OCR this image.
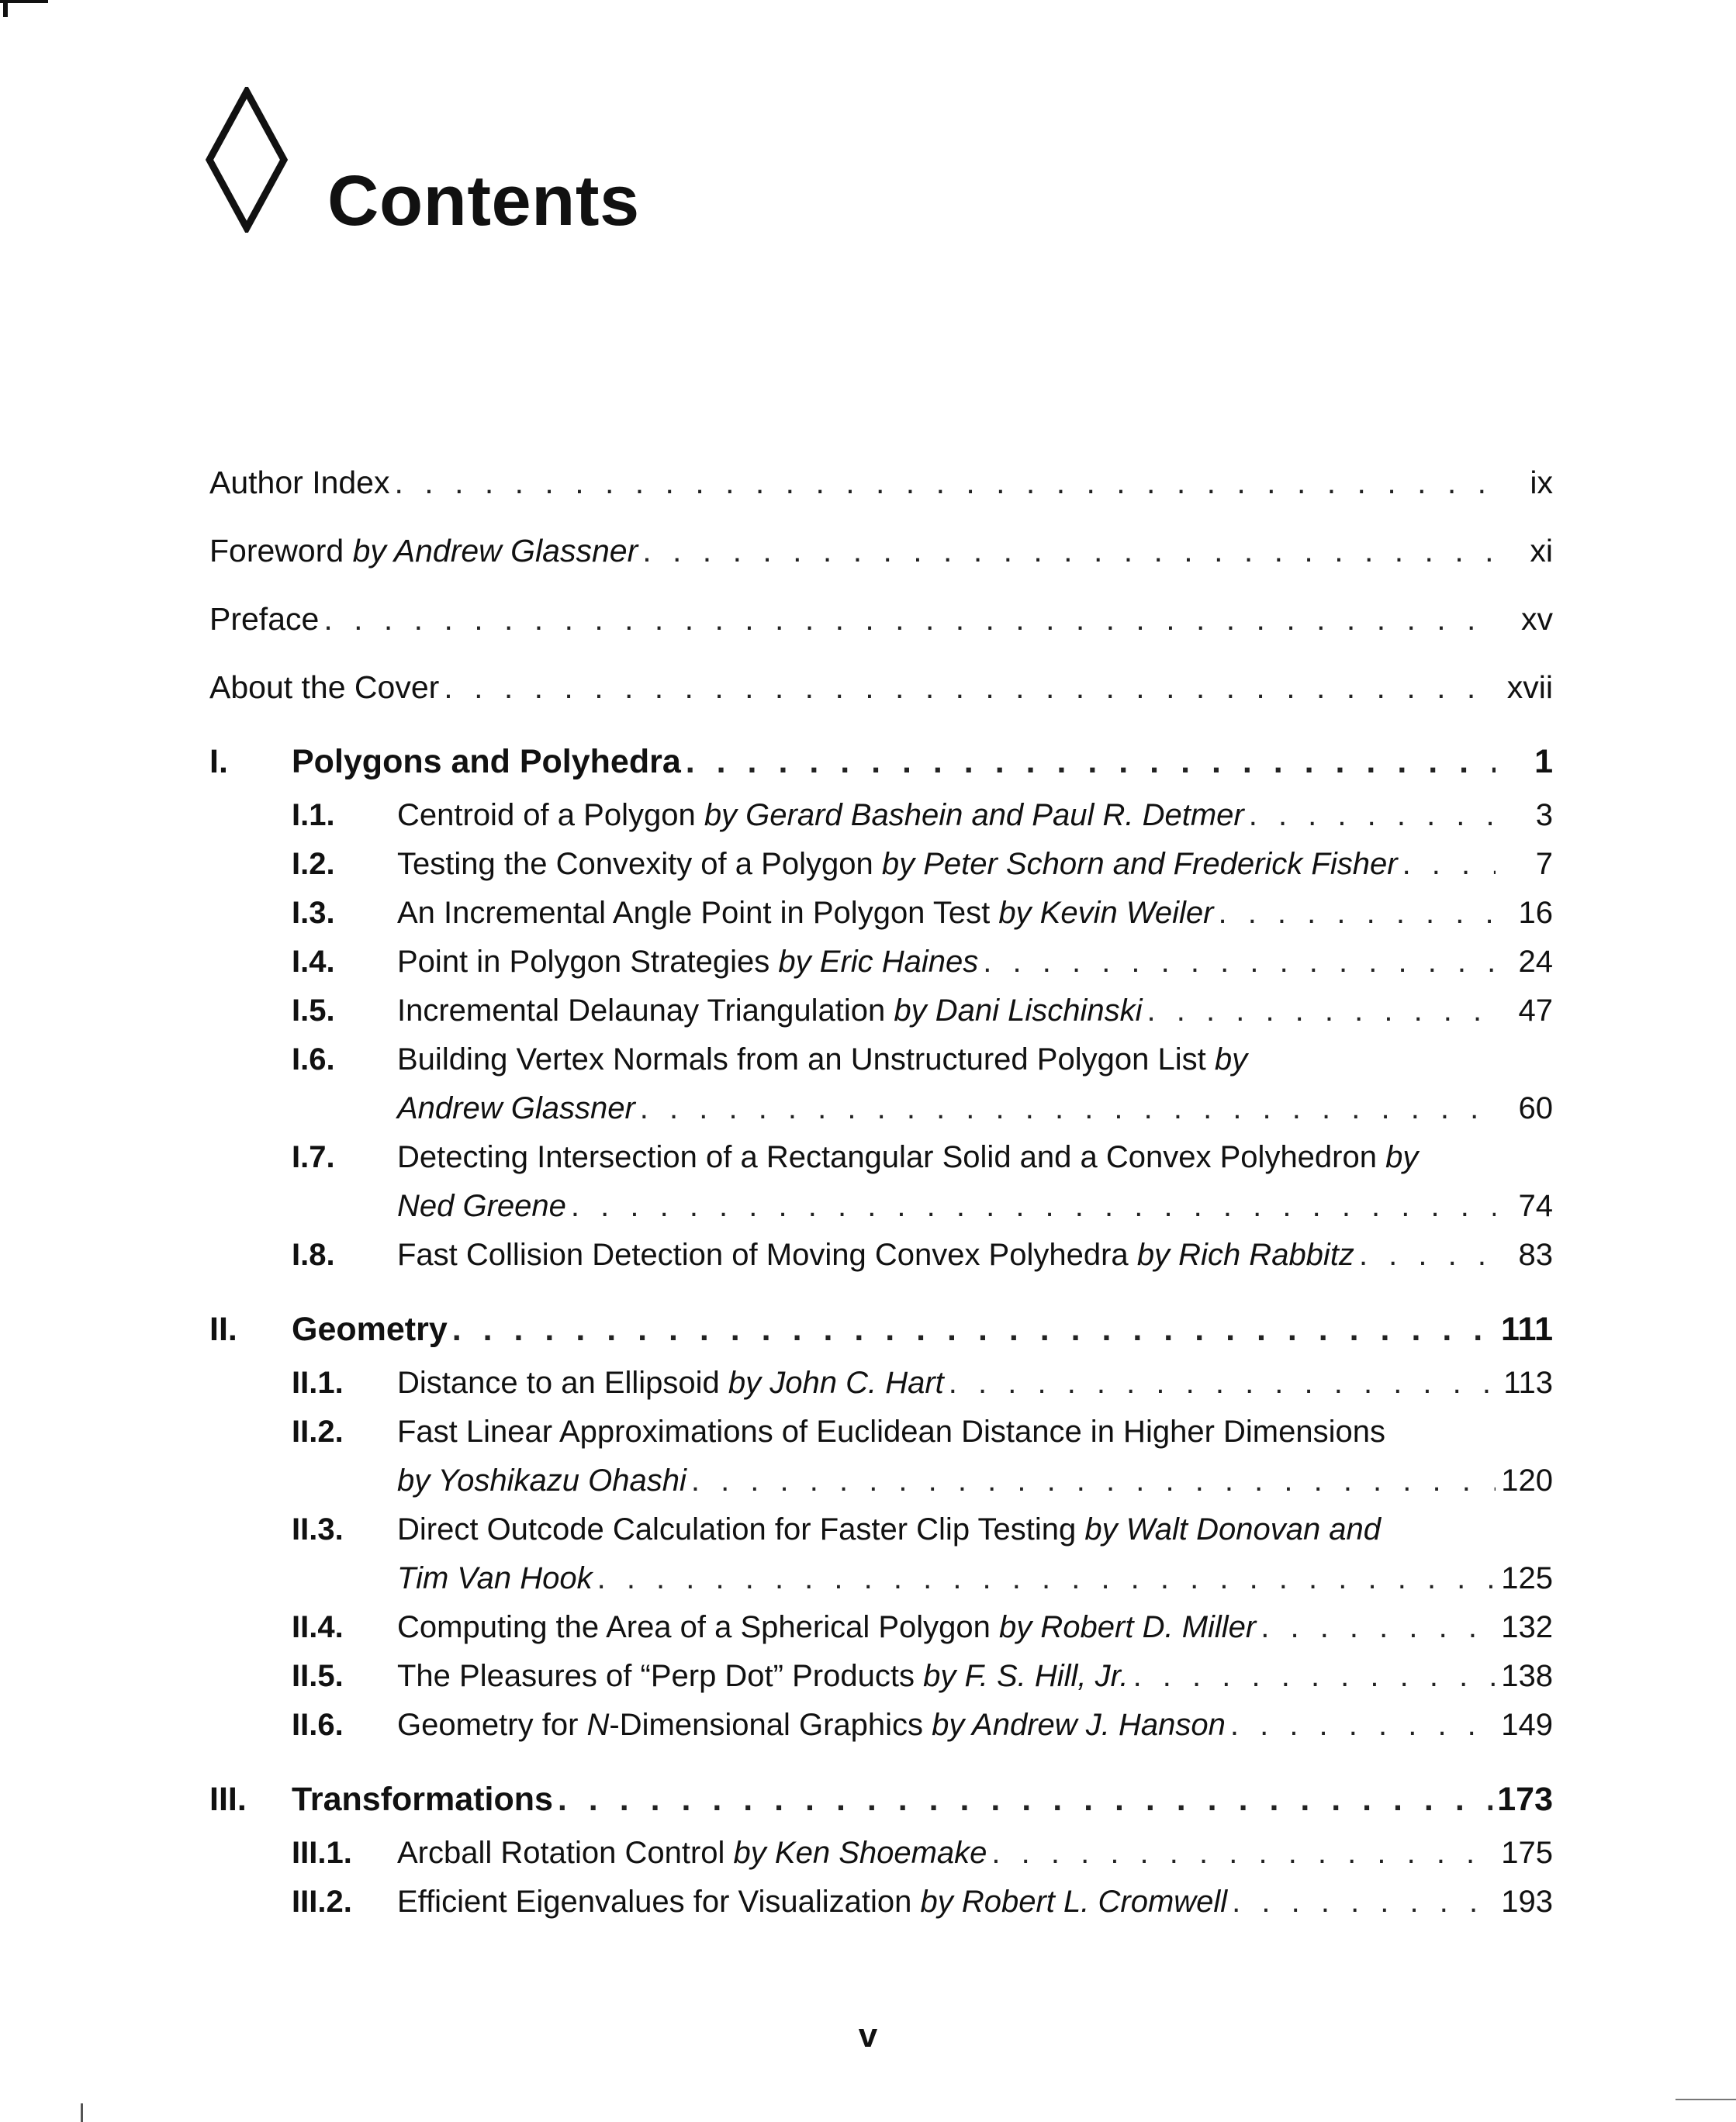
Contents
Author Index . . .	ix
Foreword by Andrew Glassner . . .	xi
Preface . . .	xv
About the Cover . . .	xvii
I.	Polygons and Polyhedra . . .	1
I.1.	Centroid of a Polygon by Gerard Bashein and Paul R. Detmer . . .	3
I.2.	Testing the Convexity of a Polygon by Peter Schorn and Frederick Fisher . . .	7
I.3.	An Incremental Angle Point in Polygon Test by Kevin Weiler . . .	16
I.4.	Point in Polygon Strategies by Eric Haines . . .	24
I.5.	Incremental Delaunay Triangulation by Dani Lischinski . . .	47
I.6.	Building Vertex Normals from an Unstructured Polygon List by
Andrew Glassner . . .	60
I.7.	Detecting Intersection of a Rectangular Solid and a Convex Polyhedron by
Ned Greene . . .	74
I.8.	Fast Collision Detection of Moving Convex Polyhedra by Rich Rabbitz . . .	83
II.	Geometry . . .	111
II.1.	Distance to an Ellipsoid by John C. Hart . . .	113
II.2.	Fast Linear Approximations of Euclidean Distance in Higher Dimensions
by Yoshikazu Ohashi . . .	120
II.3.	Direct Outcode Calculation for Faster Clip Testing by Walt Donovan and
Tim Van Hook . . .	125
II.4.	Computing the Area of a Spherical Polygon by Robert D. Miller . . .	132
II.5.	The Pleasures of “Perp Dot” Products by F. S. Hill, Jr. . . .	138
II.6.	Geometry for N-Dimensional Graphics by Andrew J. Hanson . . .	149
III.	Transformations . . .	173
III.1.	Arcball Rotation Control by Ken Shoemake . . .	175
III.2.	Efficient Eigenvalues for Visualization by Robert L. Cromwell . . .	193
v
